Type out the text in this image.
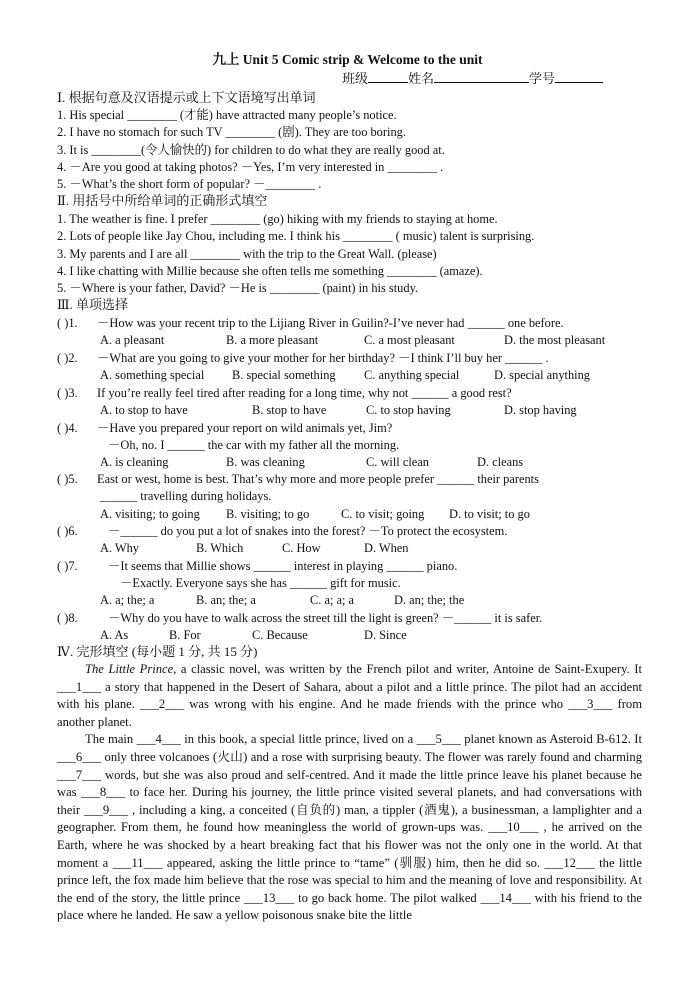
九上 Unit 5 Comic strip & Welcome to the unit
班级	姓名	学号
Ⅰ. 根据句意及汉语提示或上下文语境写出单词
1. His special ________ (才能) have attracted many people’s notice.
2. I have no stomach for such TV ________ (剧). They are too boring.
3. It is ________(令人愉快的) for children to do what they are really good at.
4. －Are you good at taking photos? －Yes, I’m very interested in ________ .
5. －What’s the short form of popular? －________ .
Ⅱ. 用括号中所给单词的正确形式填空
1. The weather is fine. I prefer ________ (go) hiking with my friends to staying at home.
2. Lots of people like Jay Chou, including me. I think his ________ ( music) talent is surprising.
3. My parents and I are all ________ with the trip to the Great Wall. (please)
4. I like chatting with Millie because she often tells me something ________ (amaze).
5. －Where is your father, David? －He is ________ (paint) in his study.
Ⅲ. 单项选择
( )1. －How was your recent trip to the Lijiang River in Guilin?-I’ve never had ______ one before.
A. a pleasant	B. a more pleasant	C. a most pleasant	D. the most pleasant
( )2. －What are you going to give your mother for her birthday? －I think I’ll buy her ______ .
A. something special B. special something C. anything special	D. special anything
( )3. If you’re really feel tired after reading for a long time, why not ______ a good rest?
A. to stop to have	B. stop to have	C. to stop having	D. stop having
( )4. －Have you prepared your report on wild animals yet, Jim?
－Oh, no. I ______ the car with my father all the morning.
A. is cleaning	B. was cleaning	C. will clean	D. cleans
( )5. East or west, home is best. That’s why more and more people prefer ______ their parents
______ travelling during holidays.
A. visiting; to going B. visiting; to go	C. to visit; going D. to visit; to go
( )6. －______ do you put a lot of snakes into the forest? －To protect the ecosystem.
A. Why	B. Which	C. How	D. When
( )7. －It seems that Millie shows ______ interest in playing ______ piano.
－Exactly. Everyone says she has ______ gift for music.
A. a; the; a	B. an; the; a	C. a; a; a	D. an; the; the
( )8. －Why do you have to walk across the street till the light is green? －______ it is safer.
A. As	B. For	C. Because	D. Since
Ⅳ. 完形填空 (每小题 1 分, 共 15 分)

The Little Prince, a classic novel, was written by the French pilot and writer, Antoine de Saint-Exupery. It ___1___ a story that happened in the Desert of Sahara, about a pilot and a little prince. The pilot had an accident with his plane. ___2___ was wrong with his engine. And he made friends with the prince who ___3___ from another planet.

The main ___4___ in this book, a special little prince, lived on a ___5___ planet known as Asteroid B-612. It ___6___ only three volcanoes (火山) and a rose with surprising beauty. The flower was rarely found and charming ___7___ words, but she was also proud and self-centred. And it made the little prince leave his planet because he was ___8___ to face her. During his journey, the little prince visited several planets, and had conversations with their ___9___ , including a king, a conceited (自负的) man, a tippler (酒鬼), a businessman, a lamplighter and a geographer. From them, he found how meaningless the world of grown-ups was. ___10___ , he arrived on the Earth, where he was shocked by a heart breaking fact that his flower was not the only one in the world. At that moment a ___11___ appeared, asking the little prince to “tame” (驯服) him, then he did so. ___12___ the little prince left, the fox made him believe that the rose was special to him and the meaning of love and responsibility. At the end of the story, the little prince ___13___ to go back home. The pilot walked ___14___ with his friend to the place where he landed. He saw a yellow poisonous snake bite the little
